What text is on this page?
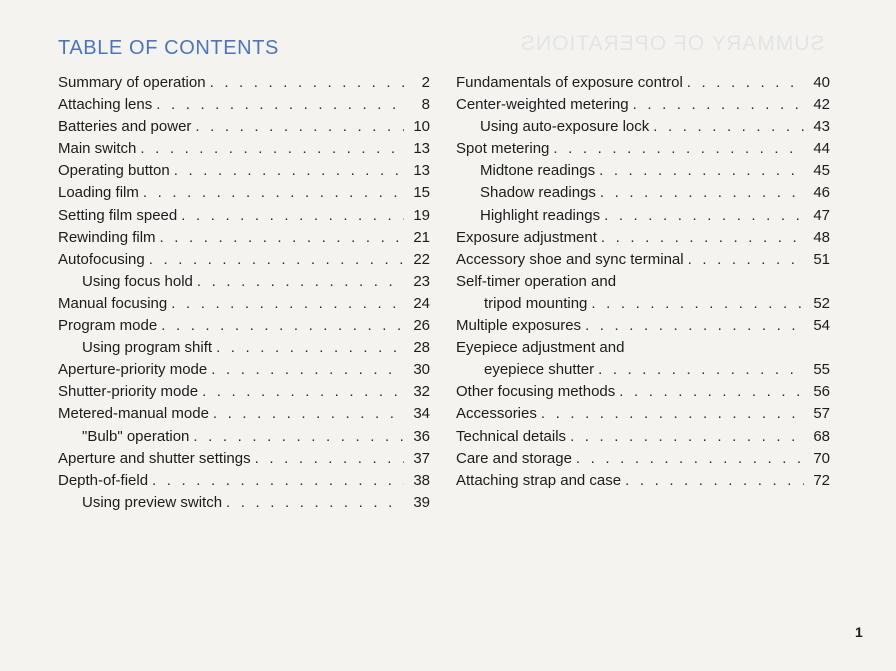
SUMMARY OF OPERATIONS
TABLE OF CONTENTS
Summary of operation . . .	2
Attaching lens . . .	8
Batteries and power . . .	10
Main switch . . .	13
Operating button . . .	13
Loading film . . .	15
Setting film speed . . .	19
Rewinding film . . .	21
Autofocusing . . .	22
Using focus hold . . .	23
Manual focusing . . .	24
Program mode . . .	26
Using program shift . . .	28
Aperture-priority mode . . .	30
Shutter-priority mode . . .	32
Metered-manual mode . . .	34
"Bulb" operation . . .	36
Aperture and shutter settings . . .	37
Depth-of-field . . .	38
Using preview switch . . .	39
Fundamentals of exposure control . . .	40
Center-weighted metering . . .	42
Using auto-exposure lock . . .	43
Spot metering . . .	44
Midtone readings . . .	45
Shadow readings . . .	46
Highlight readings . . .	47
Exposure adjustment . . .	48
Accessory shoe and sync terminal . . .	51
Self-timer operation and
tripod mounting . . .	52
Multiple exposures . . .	54
Eyepiece adjustment and
eyepiece shutter . . .	55
Other focusing methods . . .	56
Accessories . . .	57
Technical details . . .	68
Care and storage . . .	70
Attaching strap and case . . .	72
1
